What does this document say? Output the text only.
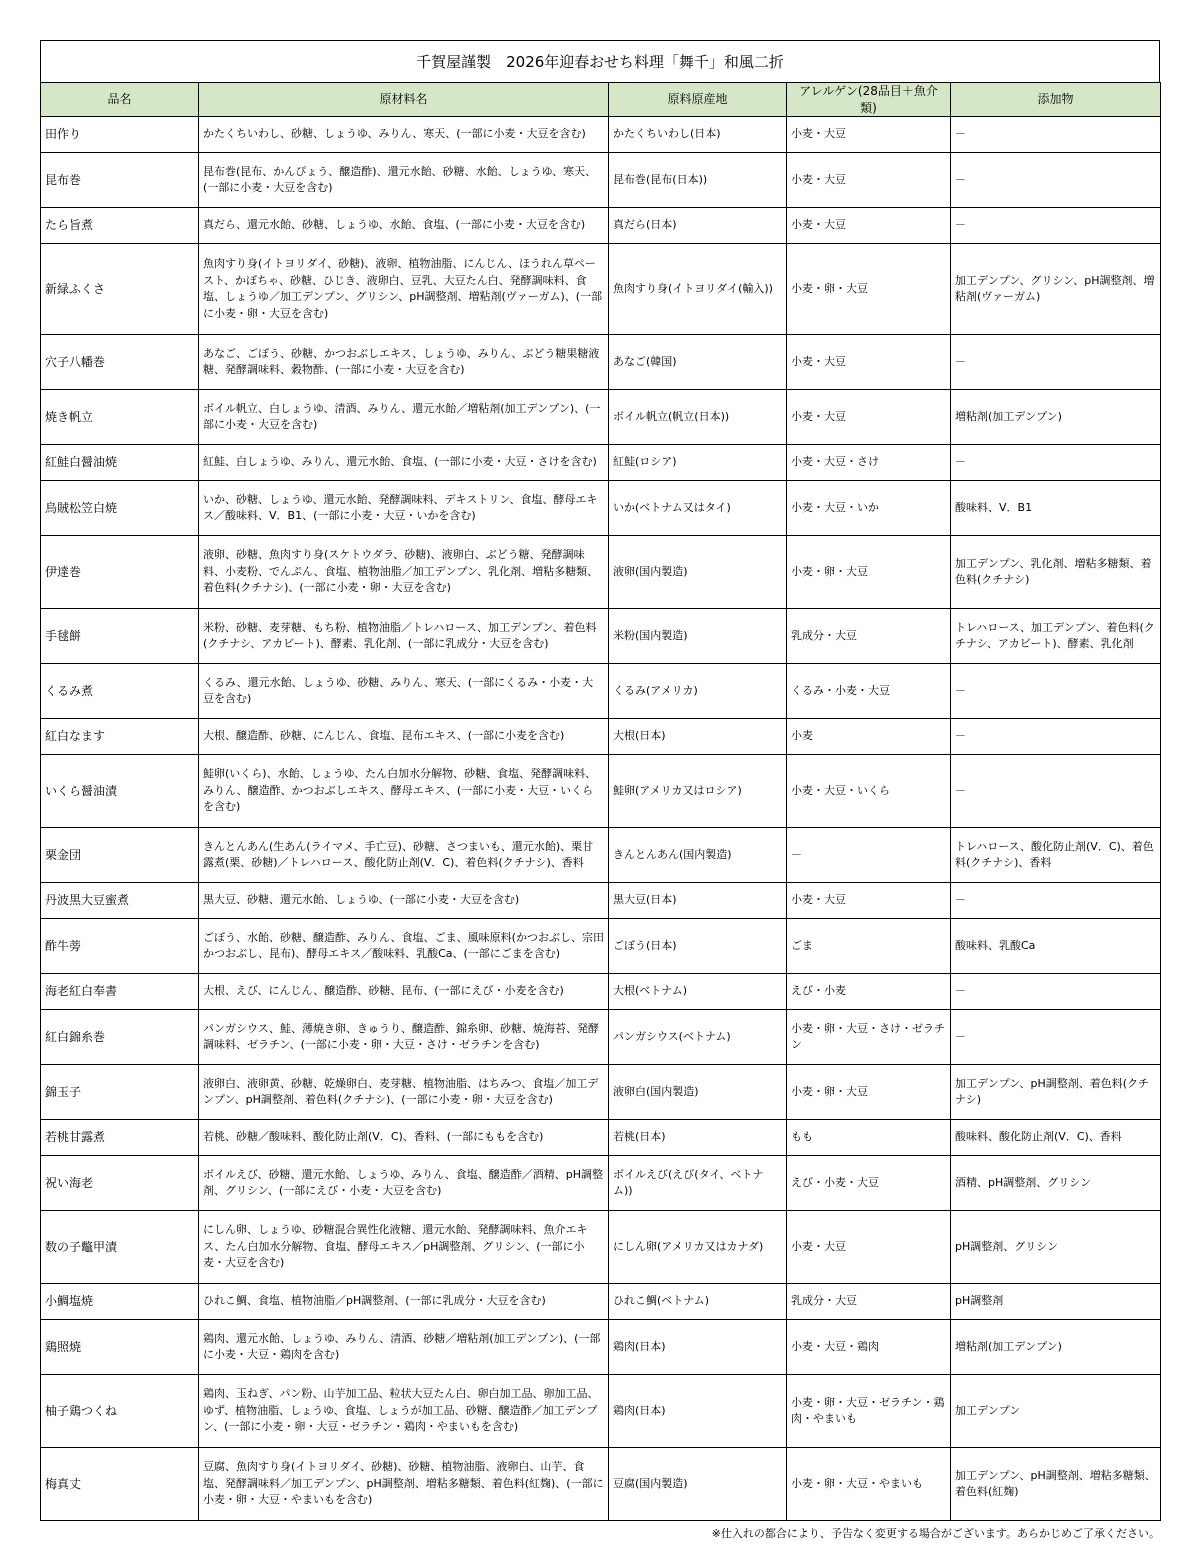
千賀屋謹製　2026年迎春おせち料理「舞千」和風二折
品名	原材料名	原料原産地	アレルゲン(28品目＋魚介類)	添加物
田作り	かたくちいわし、砂糖、しょうゆ、みりん、寒天、(一部に小麦・大豆を含む)	かたくちいわし(日本)	小麦・大豆	－
昆布巻	昆布巻(昆布、かんぴょう、醸造酢)、還元水飴、砂糖、水飴、しょうゆ、寒天、(一部に小麦・大豆を含む)	昆布巻(昆布(日本))	小麦・大豆	－
たら旨煮	真だら、還元水飴、砂糖、しょうゆ、水飴、食塩、(一部に小麦・大豆を含む)	真だら(日本)	小麦・大豆	－
新緑ふくさ	魚肉すり身(イトヨリダイ、砂糖)、液卵、植物油脂、にんじん、ほうれん草ペースト、かぼちゃ、砂糖、ひじき、液卵白、豆乳、大豆たん白、発酵調味料、食塩、しょうゆ／加工デンプン、グリシン、pH調整剤、増粘剤(ヴァーガム)、(一部に小麦・卵・大豆を含む)	魚肉すり身(イトヨリダイ(輸入))	小麦・卵・大豆	加工デンプン、グリシン、pH調整剤、増粘剤(ヴァーガム)
穴子八幡巻	あなご、ごぼう、砂糖、かつおぶしエキス、しょうゆ、みりん、ぶどう糖果糖液糖、発酵調味料、穀物酢、(一部に小麦・大豆を含む)	あなご(韓国)	小麦・大豆	－
焼き帆立	ボイル帆立、白しょうゆ、清酒、みりん、還元水飴／増粘剤(加工デンプン)、(一部に小麦・大豆を含む)	ボイル帆立(帆立(日本))	小麦・大豆	増粘剤(加工デンプン)
紅鮭白醤油焼	紅鮭、白しょうゆ、みりん、還元水飴、食塩、(一部に小麦・大豆・さけを含む)	紅鮭(ロシア)	小麦・大豆・さけ	－
烏賊松笠白焼	いか、砂糖、しょうゆ、還元水飴、発酵調味料、デキストリン、食塩、酵母エキス／酸味料、V．B1、(一部に小麦・大豆・いかを含む)	いか(ベトナム又はタイ)	小麦・大豆・いか	酸味料、V．B1
伊達巻	液卵、砂糖、魚肉すり身(スケトウダラ、砂糖)、液卵白、ぶどう糖、発酵調味料、小麦粉、でんぷん、食塩、植物油脂／加工デンプン、乳化剤、増粘多糖類、着色料(クチナシ)、(一部に小麦・卵・大豆を含む)	液卵(国内製造)	小麦・卵・大豆	加工デンプン、乳化剤、増粘多糖類、着色料(クチナシ)
手毬餅	米粉、砂糖、麦芽糖、もち粉、植物油脂／トレハロース、加工デンプン、着色料(クチナシ、アカビート)、酵素、乳化剤、(一部に乳成分・大豆を含む)	米粉(国内製造)	乳成分・大豆	トレハロース、加工デンプン、着色料(クチナシ、アカビート)、酵素、乳化剤
くるみ煮	くるみ、還元水飴、しょうゆ、砂糖、みりん、寒天、(一部にくるみ・小麦・大豆を含む)	くるみ(アメリカ)	くるみ・小麦・大豆	－
紅白なます	大根、醸造酢、砂糖、にんじん、食塩、昆布エキス、(一部に小麦を含む)	大根(日本)	小麦	－
いくら醤油漬	鮭卵(いくら)、水飴、しょうゆ、たん白加水分解物、砂糖、食塩、発酵調味料、みりん、醸造酢、かつおぶしエキス、酵母エキス、(一部に小麦・大豆・いくらを含む)	鮭卵(アメリカ又はロシア)	小麦・大豆・いくら	－
栗金団	きんとんあん(生あん(ライマメ、手亡豆)、砂糖、さつまいも、還元水飴)、栗甘露煮(栗、砂糖)／トレハロース、酸化防止剤(V．C)、着色料(クチナシ)、香料	きんとんあん(国内製造)	－	トレハロース、酸化防止剤(V．C)、着色料(クチナシ)、香料
丹波黒大豆蜜煮	黒大豆、砂糖、還元水飴、しょうゆ、(一部に小麦・大豆を含む)	黒大豆(日本)	小麦・大豆	－
酢牛蒡	ごぼう、水飴、砂糖、醸造酢、みりん、食塩、ごま、風味原料(かつおぶし、宗田かつおぶし、昆布)、酵母エキス／酸味料、乳酸Ca、(一部にごまを含む)	ごぼう(日本)	ごま	酸味料、乳酸Ca
海老紅白奉書	大根、えび、にんじん、醸造酢、砂糖、昆布、(一部にえび・小麦を含む)	大根(ベトナム)	えび・小麦	－
紅白錦糸巻	パンガシウス、鮭、薄焼き卵、きゅうり、醸造酢、錦糸卵、砂糖、焼海苔、発酵調味料、ゼラチン、(一部に小麦・卵・大豆・さけ・ゼラチンを含む)	パンガシウス(ベトナム)	小麦・卵・大豆・さけ・ゼラチン	－
錦玉子	液卵白、液卵黄、砂糖、乾燥卵白、麦芽糖、植物油脂、はちみつ、食塩／加工デンプン、pH調整剤、着色料(クチナシ)、(一部に小麦・卵・大豆を含む)	液卵白(国内製造)	小麦・卵・大豆	加工デンプン、pH調整剤、着色料(クチナシ)
若桃甘露煮	若桃、砂糖／酸味料、酸化防止剤(V．C)、香料、(一部にももを含む)	若桃(日本)	もも	酸味料、酸化防止剤(V．C)、香料
祝い海老	ボイルえび、砂糖、還元水飴、しょうゆ、みりん、食塩、醸造酢／酒精、pH調整剤、グリシン、(一部にえび・小麦・大豆を含む)	ボイルえび(えび(タイ、ベトナム))	えび・小麦・大豆	酒精、pH調整剤、グリシン
数の子鼈甲漬	にしん卵、しょうゆ、砂糖混合異性化液糖、還元水飴、発酵調味料、魚介エキス、たん白加水分解物、食塩、酵母エキス／pH調整剤、グリシン、(一部に小麦・大豆を含む)	にしん卵(アメリカ又はカナダ)	小麦・大豆	pH調整剤、グリシン
小鯛塩焼	ひれこ鯛、食塩、植物油脂／pH調整剤、(一部に乳成分・大豆を含む)	ひれこ鯛(ベトナム)	乳成分・大豆	pH調整剤
鶏照焼	鶏肉、還元水飴、しょうゆ、みりん、清酒、砂糖／増粘剤(加工デンプン)、(一部に小麦・大豆・鶏肉を含む)	鶏肉(日本)	小麦・大豆・鶏肉	増粘剤(加工デンプン)
柚子鶏つくね	鶏肉、玉ねぎ、パン粉、山芋加工品、粒状大豆たん白、卵白加工品、卵加工品、ゆず、植物油脂、しょうゆ、食塩、しょうが加工品、砂糖、醸造酢／加工デンプン、(一部に小麦・卵・大豆・ゼラチン・鶏肉・やまいもを含む)	鶏肉(日本)	小麦・卵・大豆・ゼラチン・鶏肉・やまいも	加工デンプン
梅真丈	豆腐、魚肉すり身(イトヨリダイ、砂糖)、砂糖、植物油脂、液卵白、山芋、食塩、発酵調味料／加工デンプン、pH調整剤、増粘多糖類、着色料(紅麹)、(一部に小麦・卵・大豆・やまいもを含む)	豆腐(国内製造)	小麦・卵・大豆・やまいも	加工デンプン、pH調整剤、増粘多糖類、着色料(紅麹)
※仕入れの都合により、予告なく変更する場合がございます。あらかじめご了承ください。
